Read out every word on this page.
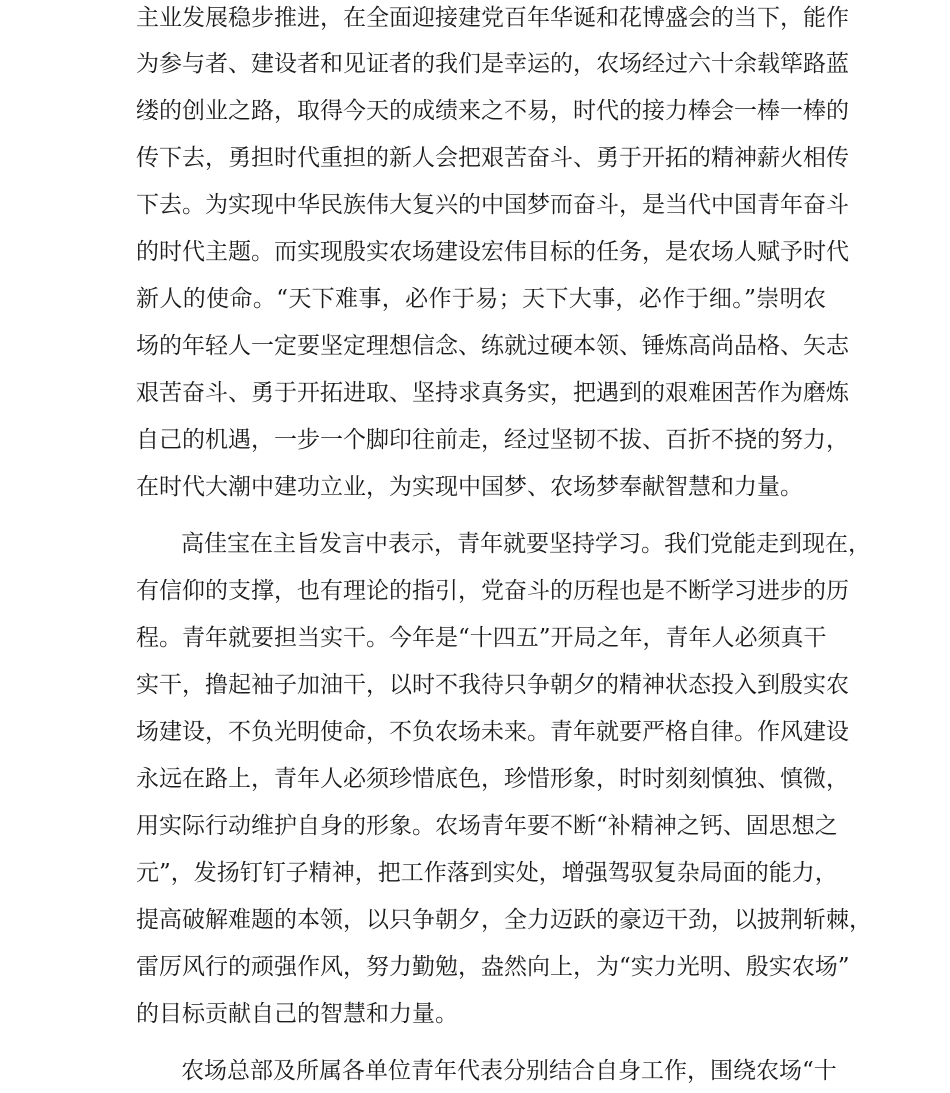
主业发展稳步推进，在全面迎接建党百年华诞和花博盛会的当下，能作
为参与者、建设者和见证者的我们是幸运的，农场经过六十余载筚路蓝
缕的创业之路，取得今天的成绩来之不易，时代的接力棒会一棒一棒的
传下去，勇担时代重担的新人会把艰苦奋斗、勇于开拓的精神薪火相传
下去。为实现中华民族伟大复兴的中国梦而奋斗，是当代中国青年奋斗
的时代主题。而实现殷实农场建设宏伟目标的任务，是农场人赋予时代
新人的使命。“天下难事，必作于易；天下大事，必作于细。”崇明农
场的年轻人一定要坚定理想信念、练就过硬本领、锤炼高尚品格、矢志
艰苦奋斗、勇于开拓进取、坚持求真务实，把遇到的艰难困苦作为磨炼
自己的机遇，一步一个脚印往前走，经过坚韧不拔、百折不挠的努力，
在时代大潮中建功立业，为实现中国梦、农场梦奉献智慧和力量。
高佳宝在主旨发言中表示，青年就要坚持学习。我们党能走到现在，
有信仰的支撑，也有理论的指引，党奋斗的历程也是不断学习进步的历
程。青年就要担当实干。今年是“十四五”开局之年，青年人必须真干
实干，撸起袖子加油干，以时不我待只争朝夕的精神状态投入到殷实农
场建设，不负光明使命，不负农场未来。青年就要严格自律。作风建设
永远在路上，青年人必须珍惜底色，珍惜形象，时时刻刻慎独、慎微，
用实际行动维护自身的形象。农场青年要不断“补精神之钙、固思想之
元”，发扬钉钉子精神，把工作落到实处，增强驾驭复杂局面的能力，
提高破解难题的本领，以只争朝夕，全力迈跃的豪迈干劲，以披荆斩棘，
雷厉风行的顽强作风，努力勤勉，盎然向上，为“实力光明、殷实农场”
的目标贡献自己的智慧和力量。
农场总部及所属各单位青年代表分别结合自身工作，围绕农场“十
